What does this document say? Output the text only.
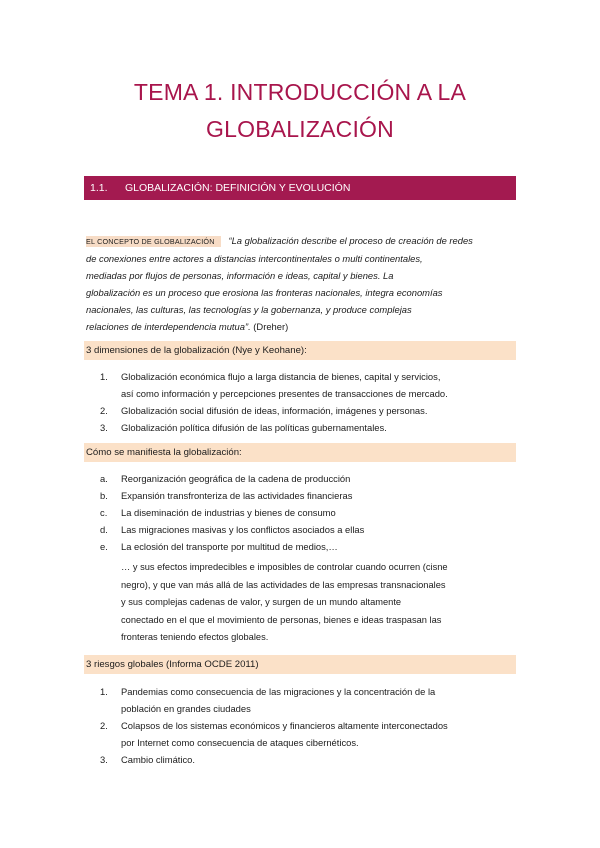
TEMA 1. INTRODUCCIÓN A LA
GLOBALIZACIÓN
1.1. GLOBALIZACIÓN: DEFINICIÓN Y EVOLUCIÓN
EL CONCEPTO DE GLOBALIZACIÓN “La globalización describe el proceso de creación de redes
de conexiones entre actores a distancias intercontinentales o multi continentales,
mediadas por flujos de personas, información e ideas, capital y bienes. La
globalización es un proceso que erosiona las fronteras nacionales, integra economías
nacionales, las culturas, las tecnologías y la gobernanza, y produce complejas
relaciones de interdependencia mutua”. (Dreher)
3 dimensiones de la globalización (Nye y Keohane):
1. Globalización económica flujo a larga distancia de bienes, capital y servicios,
así como información y percepciones presentes de transacciones de mercado.
2. Globalización social difusión de ideas, información, imágenes y personas.
3. Globalización política difusión de las políticas gubernamentales.
Cómo se manifiesta la globalización:
a. Reorganización geográfica de la cadena de producción
b. Expansión transfronteriza de las actividades financieras
c. La diseminación de industrias y bienes de consumo
d. Las migraciones masivas y los conflictos asociados a ellas
e. La eclosión del transporte por multitud de medios,…
… y sus efectos impredecibles e imposibles de controlar cuando ocurren (cisne
negro), y que van más allá de las actividades de las empresas transnacionales
y sus complejas cadenas de valor, y surgen de un mundo altamente
conectado en el que el movimiento de personas, bienes e ideas traspasan las
fronteras teniendo efectos globales.
3 riesgos globales (Informa OCDE 2011)
1. Pandemias como consecuencia de las migraciones y la concentración de la
población en grandes ciudades
2. Colapsos de los sistemas económicos y financieros altamente interconectados
por Internet como consecuencia de ataques cibernéticos.
3. Cambio climático.
